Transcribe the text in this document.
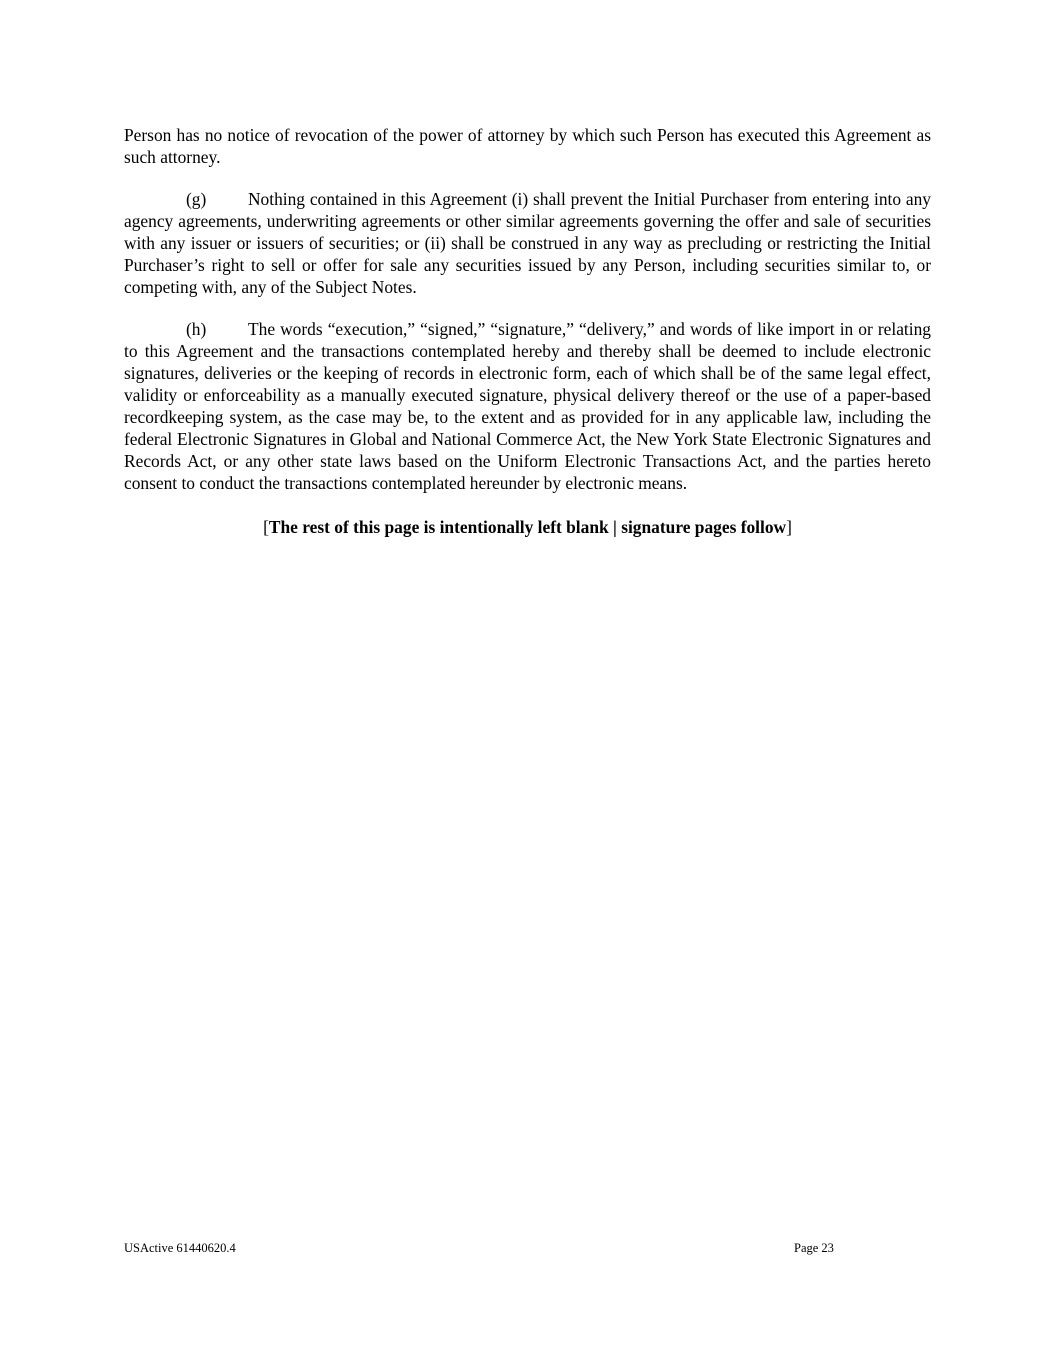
Person has no notice of revocation of the power of attorney by which such Person has executed this Agreement as such attorney.

(g) Nothing contained in this Agreement (i) shall prevent the Initial Purchaser from entering into any agency agreements, underwriting agreements or other similar agreements governing the offer and sale of securities with any issuer or issuers of securities; or (ii) shall be construed in any way as precluding or restricting the Initial Purchaser’s right to sell or offer for sale any securities issued by any Person, including securities similar to, or competing with, any of the Subject Notes.

(h) The words “execution,” “signed,” “signature,” “delivery,” and words of like import in or relating to this Agreement and the transactions contemplated hereby and thereby shall be deemed to include electronic signatures, deliveries or the keeping of records in electronic form, each of which shall be of the same legal effect, validity or enforceability as a manually executed signature, physical delivery thereof or the use of a paper-based recordkeeping system, as the case may be, to the extent and as provided for in any applicable law, including the federal Electronic Signatures in Global and National Commerce Act, the New York State Electronic Signatures and Records Act, or any other state laws based on the Uniform Electronic Transactions Act, and the parties hereto consent to conduct the transactions contemplated hereunder by electronic means.

[The rest of this page is intentionally left blank | signature pages follow]

USActive 61440620.4	Page 23
